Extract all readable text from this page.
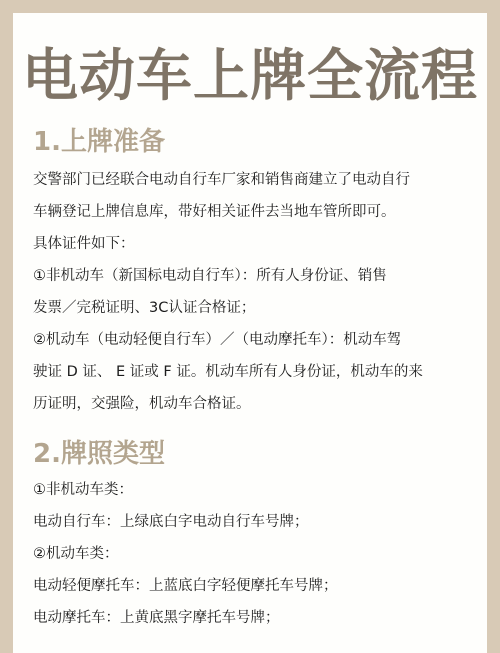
电动车上牌全流程
1.上牌准备
交警部门已经联合电动自行车厂家和销售商建立了电动自行
车辆登记上牌信息库，带好相关证件去当地车管所即可。
具体证件如下：
①非机动车（新国标电动自行车）：所有人身份证、销售
发票／完税证明、3C认证合格证；
②机动车（电动轻便自行车）／（电动摩托车）：机动车驾
驶证 D 证、 E 证或 F 证。机动车所有人身份证，机动车的来
历证明，交强险，机动车合格证。
2.牌照类型
①非机动车类：
电动自行车：上绿底白字电动自行车号牌；
②机动车类：
电动轻便摩托车：上蓝底白字轻便摩托车号牌；
电动摩托车：上黄底黑字摩托车号牌；
